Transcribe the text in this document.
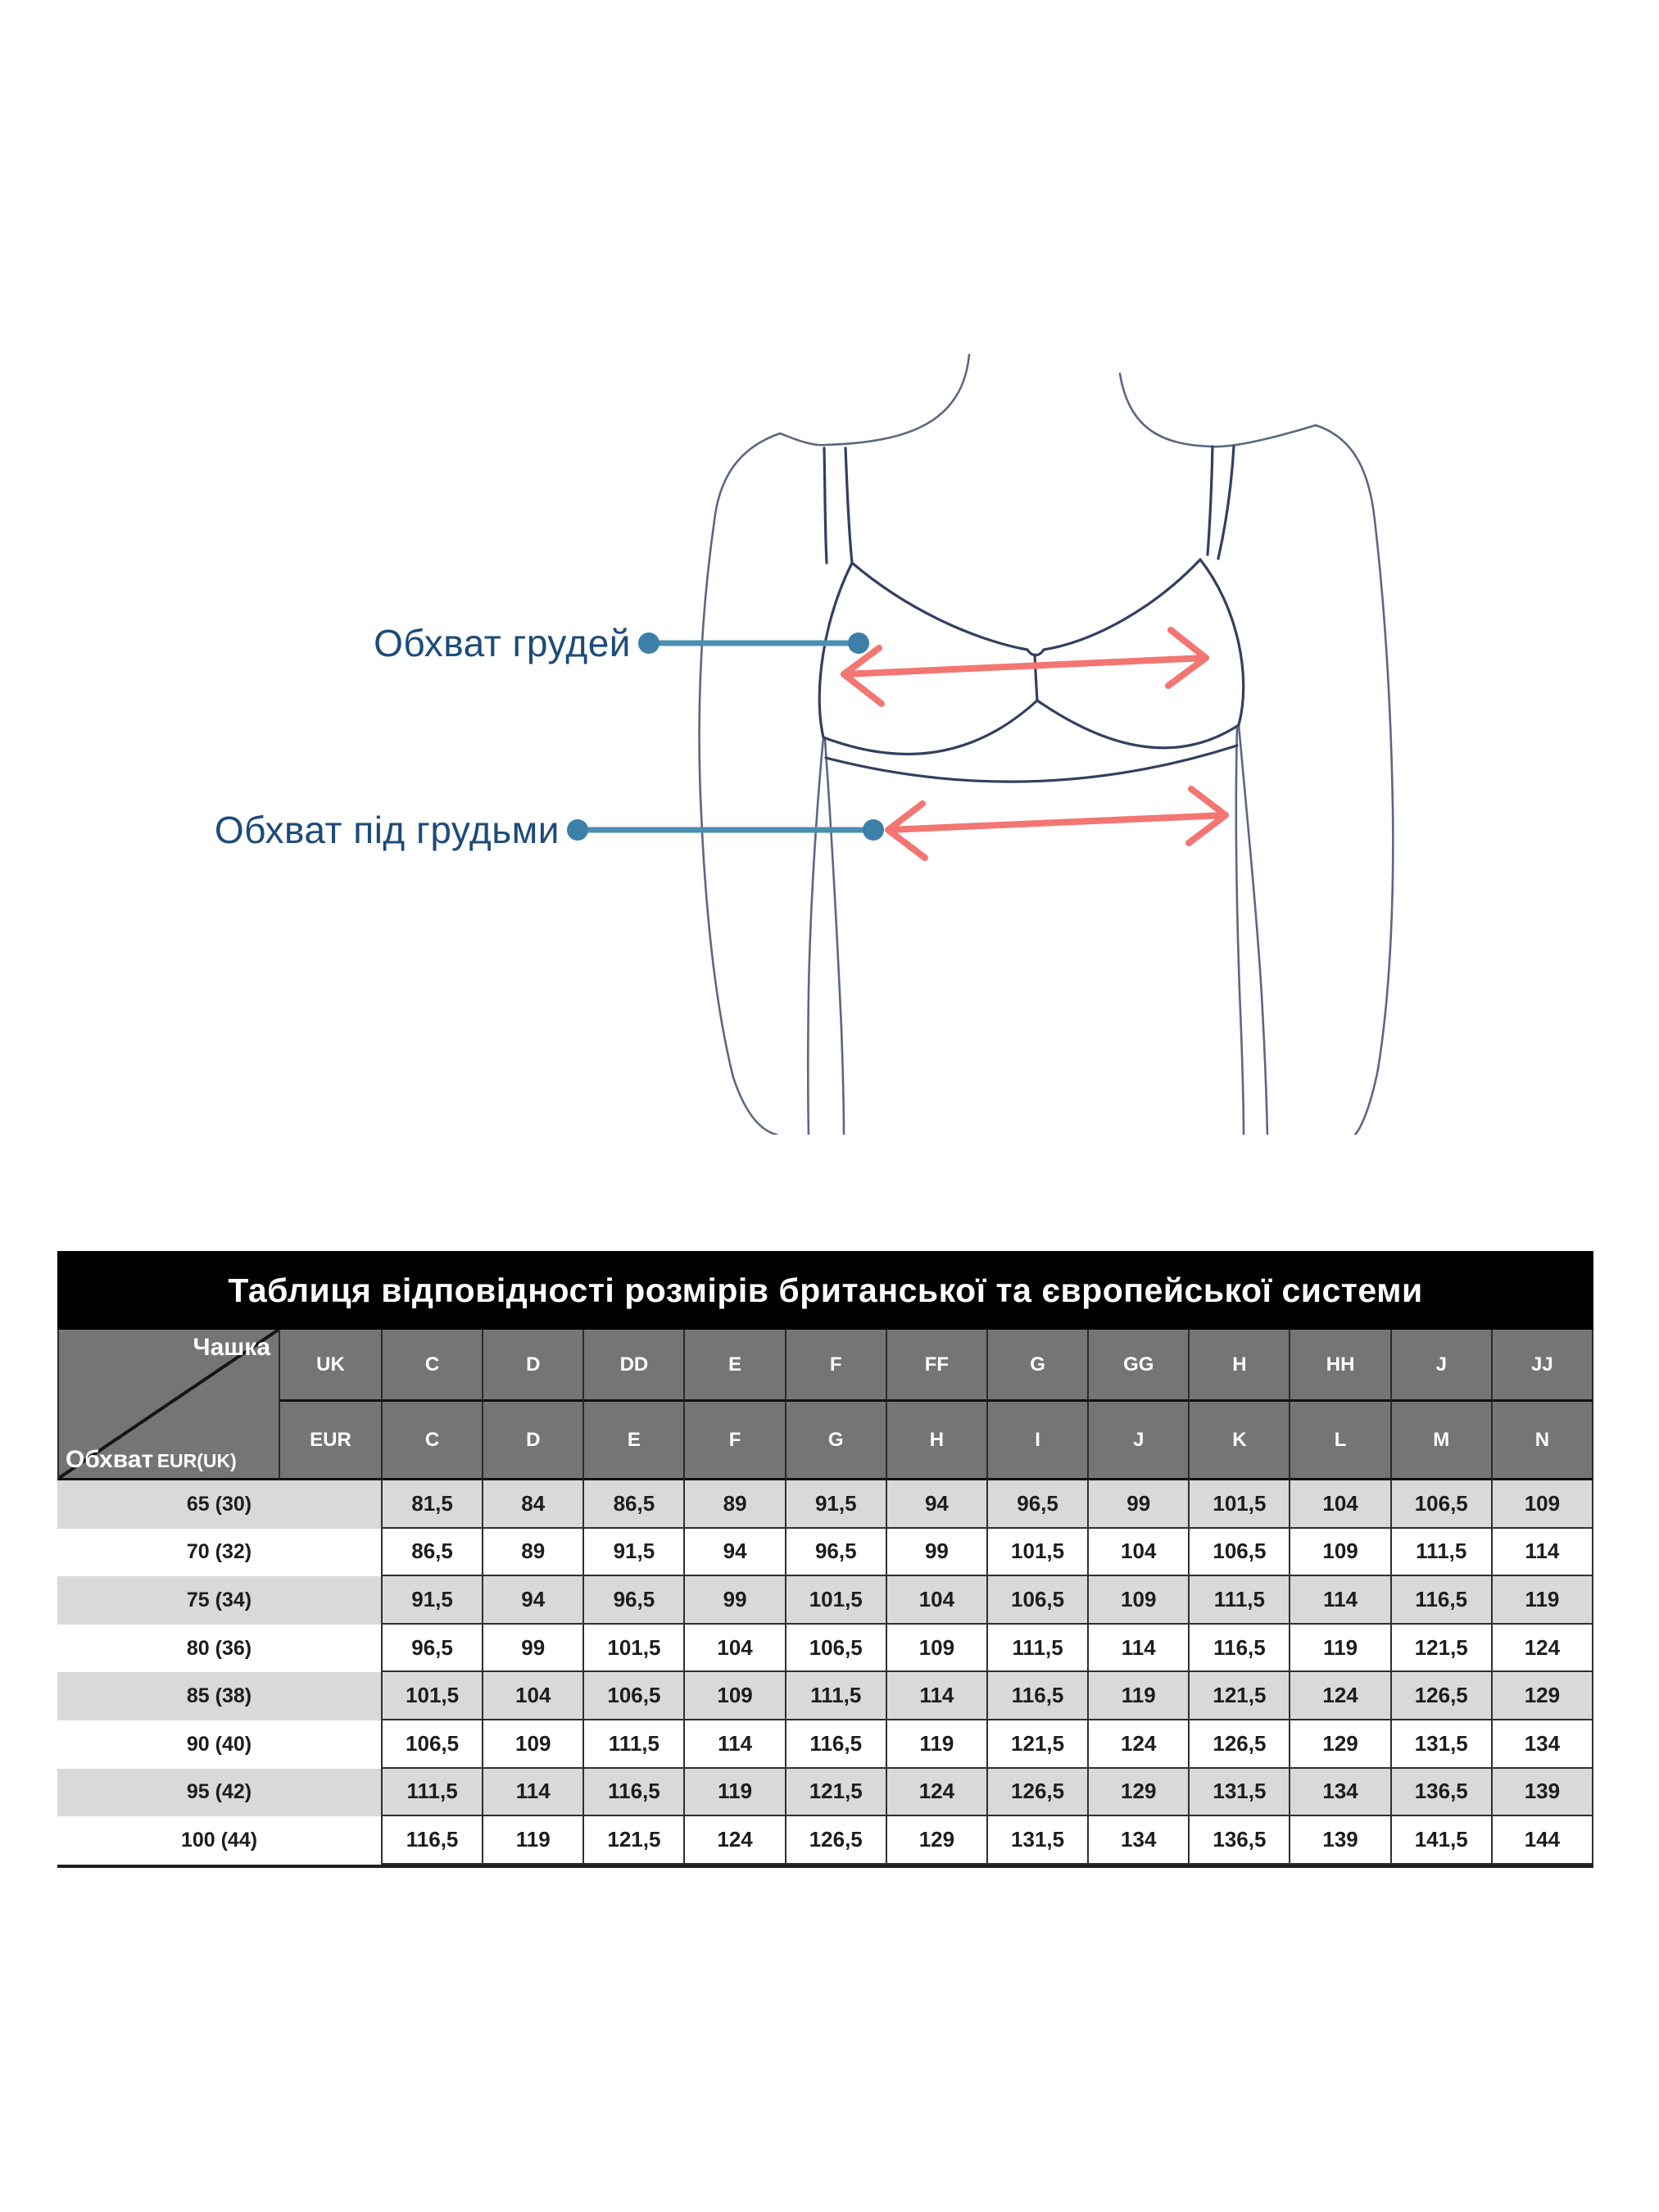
Обхват грудей
Обхват під грудьми
Таблиця відповідності розмірів британської та європейської системи
Чашка
Обхват EUR(UK)
UK
EUR
C	D	DD	E	F	FF	G	GG	H	HH	J	JJ
C	D	E	F	G	H	I	J	K	L	M	N
65 (30)	81,5	84	86,5	89	91,5	94	96,5	99	101,5	104	106,5	109
70 (32)	86,5	89	91,5	94	96,5	99	101,5	104	106,5	109	111,5	114
75 (34)	91,5	94	96,5	99	101,5	104	106,5	109	111,5	114	116,5	119
80 (36)	96,5	99	101,5	104	106,5	109	111,5	114	116,5	119	121,5	124
85 (38)	101,5	104	106,5	109	111,5	114	116,5	119	121,5	124	126,5	129
90 (40)	106,5	109	111,5	114	116,5	119	121,5	124	126,5	129	131,5	134
95 (42)	111,5	114	116,5	119	121,5	124	126,5	129	131,5	134	136,5	139
100 (44)	116,5	119	121,5	124	126,5	129	131,5	134	136,5	139	141,5	144
